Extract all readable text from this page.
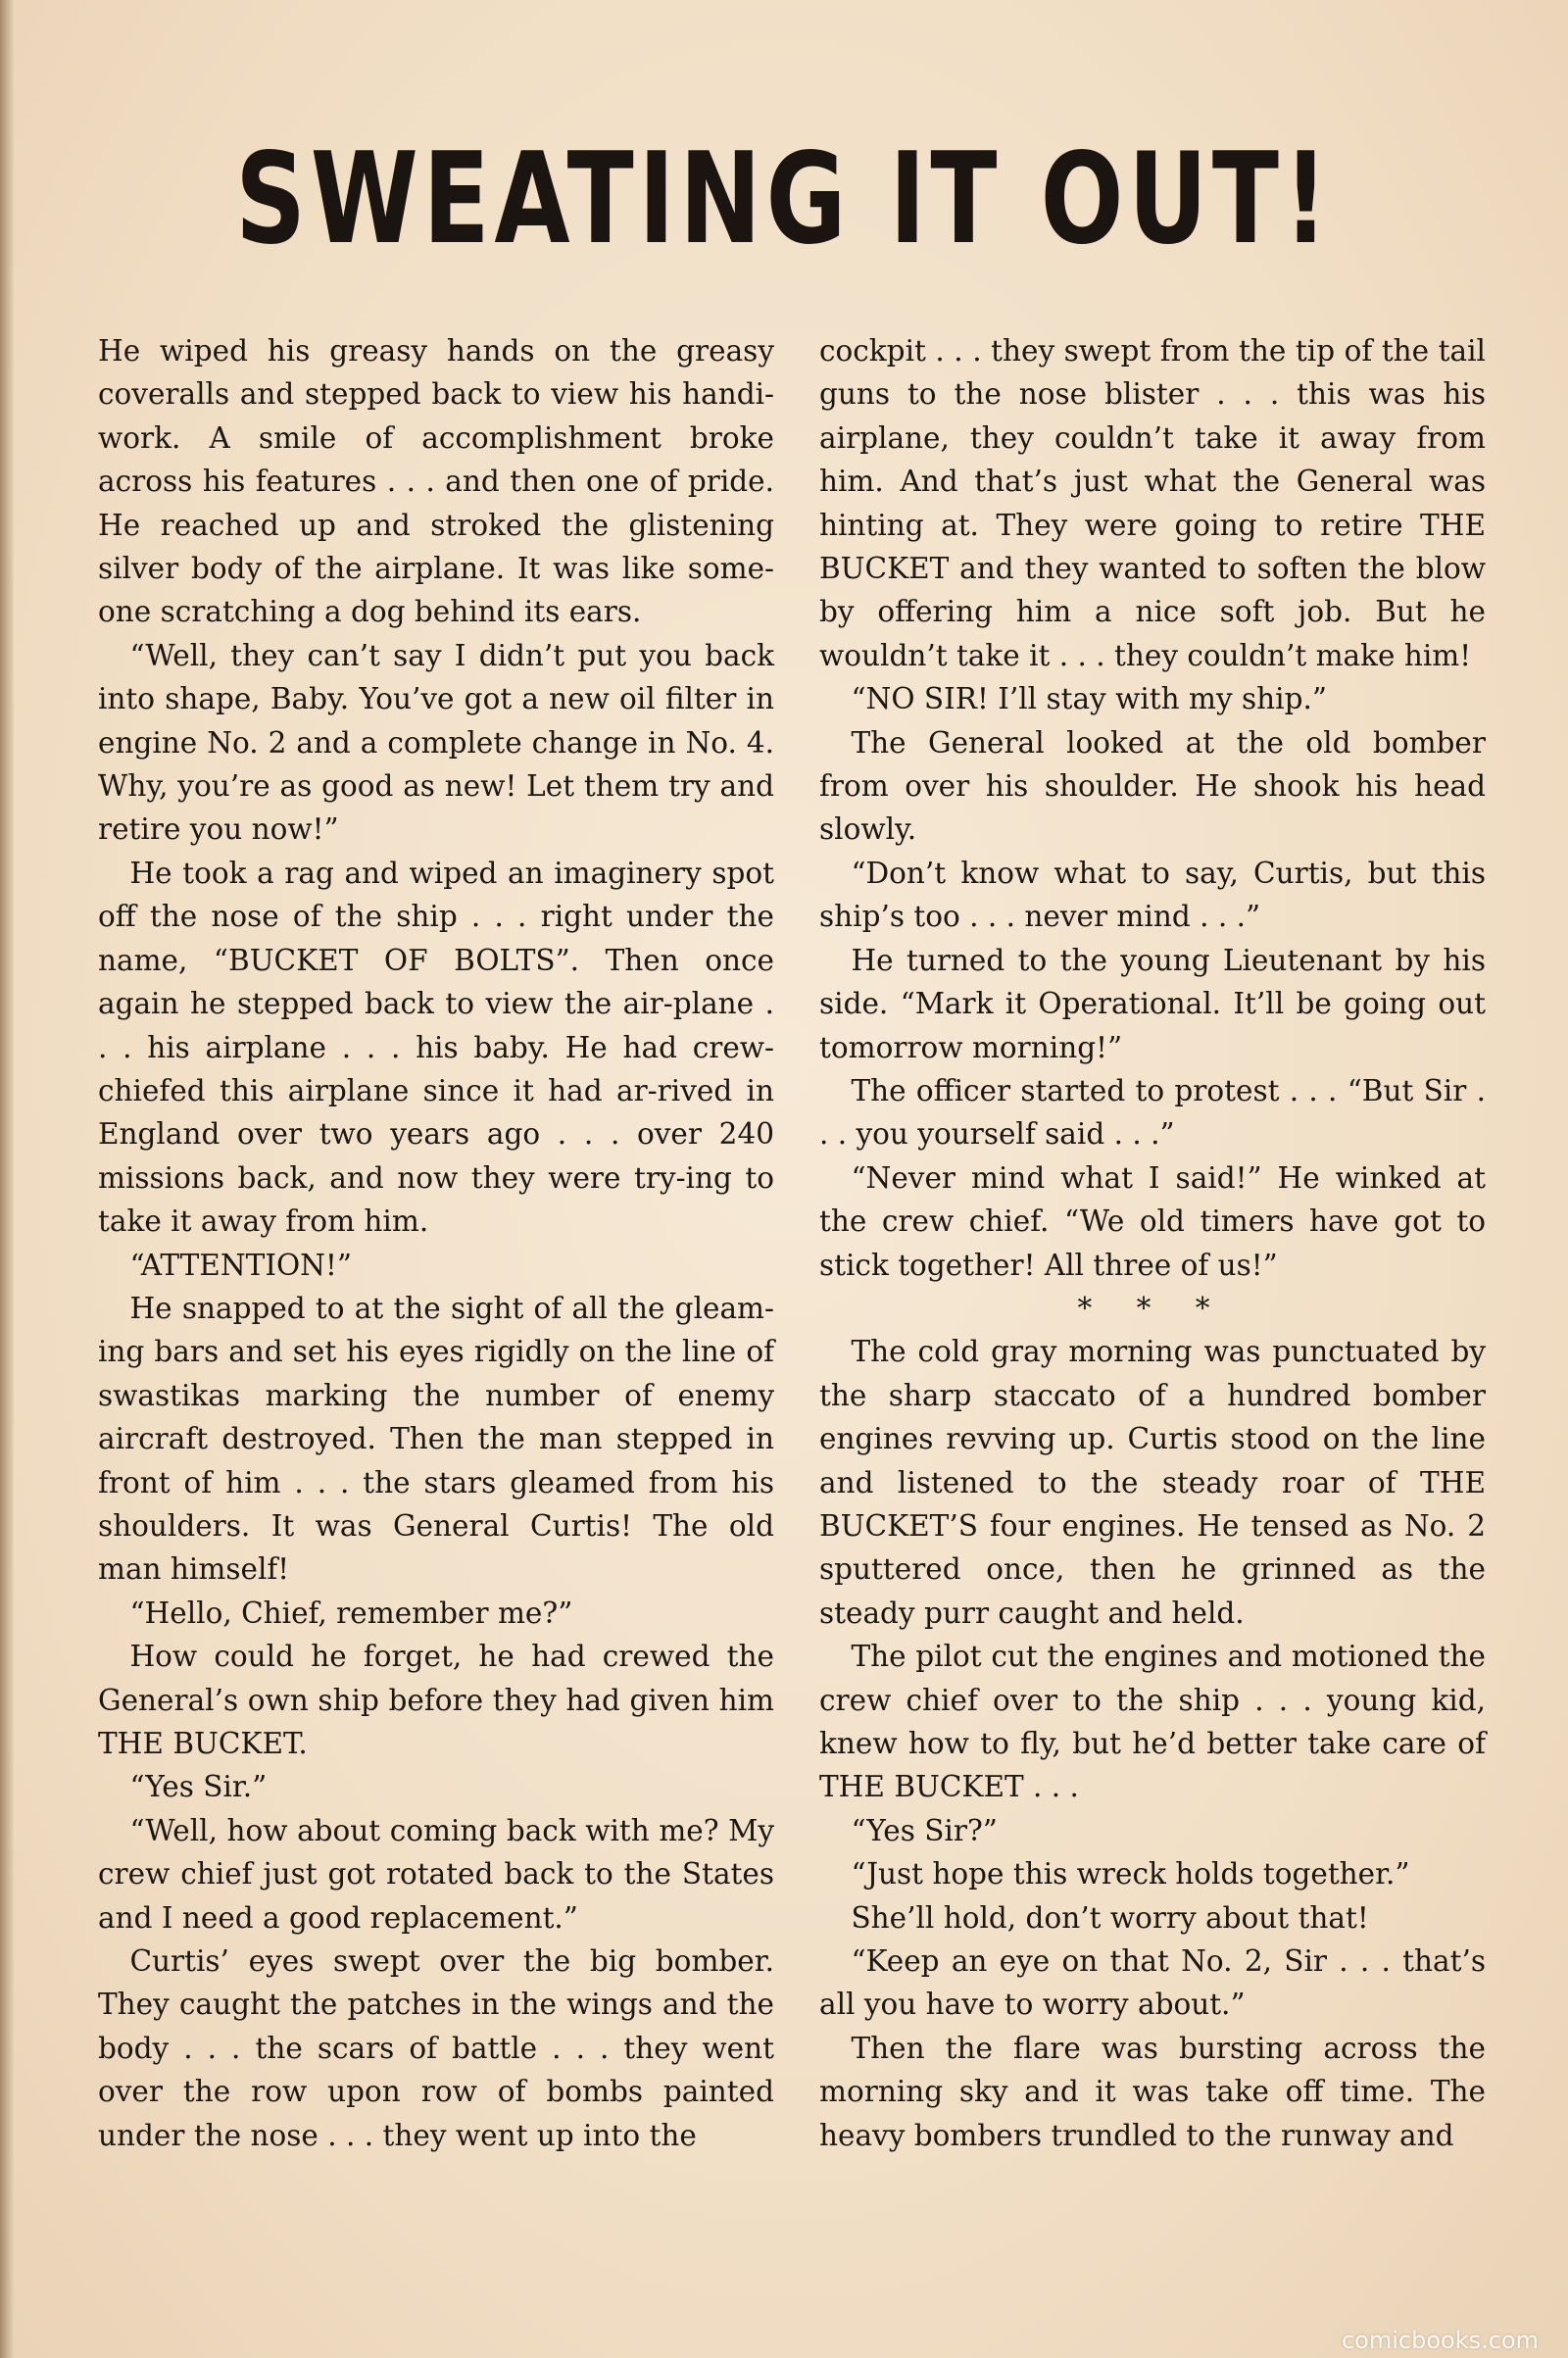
SWEATING IT OUT!

He wiped his greasy hands on the greasy coveralls and stepped back to view his handi-work. A smile of accomplishment broke across his features . . . and then one of pride. He reached up and stroked the glistening silver body of the airplane. It was like some-one scratching a dog behind its ears.

“Well, they can’t say I didn’t put you back into shape, Baby. You’ve got a new oil filter in engine No. 2 and a complete change in No. 4. Why, you’re as good as new! Let them try and retire you now!”

He took a rag and wiped an imaginery spot off the nose of the ship . . . right under the name, “BUCKET OF BOLTS”. Then once again he stepped back to view the air-plane . . . his airplane . . . his baby. He had crew-chiefed this airplane since it had ar-rived in England over two years ago . . . over 240 missions back, and now they were try-ing to take it away from him.

“ATTENTION!”

He snapped to at the sight of all the gleam-ing bars and set his eyes rigidly on the line of swastikas marking the number of enemy aircraft destroyed. Then the man stepped in front of him . . . the stars gleamed from his shoulders. It was General Curtis! The old man himself!

“Hello, Chief, remember me?”

How could he forget, he had crewed the General’s own ship before they had given him THE BUCKET.

“Yes Sir.”

“Well, how about coming back with me? My crew chief just got rotated back to the States and I need a good replacement.”

Curtis’ eyes swept over the big bomber. They caught the patches in the wings and the body . . . the scars of battle . . . they went over the row upon row of bombs painted under the nose . . . they went up into the

cockpit . . . they swept from the tip of the tail guns to the nose blister . . . this was his airplane, they couldn’t take it away from him. And that’s just what the General was hinting at. They were going to retire THE BUCKET and they wanted to soften the blow by offering him a nice soft job. But he wouldn’t take it . . . they couldn’t make him!

“NO SIR! I’ll stay with my ship.”

The General looked at the old bomber from over his shoulder. He shook his head slowly.

“Don’t know what to say, Curtis, but this ship’s too . . . never mind . . .”

He turned to the young Lieutenant by his side. “Mark it Operational. It’ll be going out tomorrow morning!”

The officer started to protest . . . “But Sir . . . you yourself said . . .”

“Never mind what I said!” He winked at the crew chief. “We old timers have got to stick together! All three of us!”

* * *

The cold gray morning was punctuated by the sharp staccato of a hundred bomber engines revving up. Curtis stood on the line and listened to the steady roar of THE BUCKET’S four engines. He tensed as No. 2 sputtered once, then he grinned as the steady purr caught and held.

The pilot cut the engines and motioned the crew chief over to the ship . . . young kid, knew how to fly, but he’d better take care of THE BUCKET . . .

“Yes Sir?”

“Just hope this wreck holds together.”

She’ll hold, don’t worry about that!

“Keep an eye on that No. 2, Sir . . . that’s all you have to worry about.”

Then the flare was bursting across the morning sky and it was take off time. The heavy bombers trundled to the runway and

comicbooks.com
